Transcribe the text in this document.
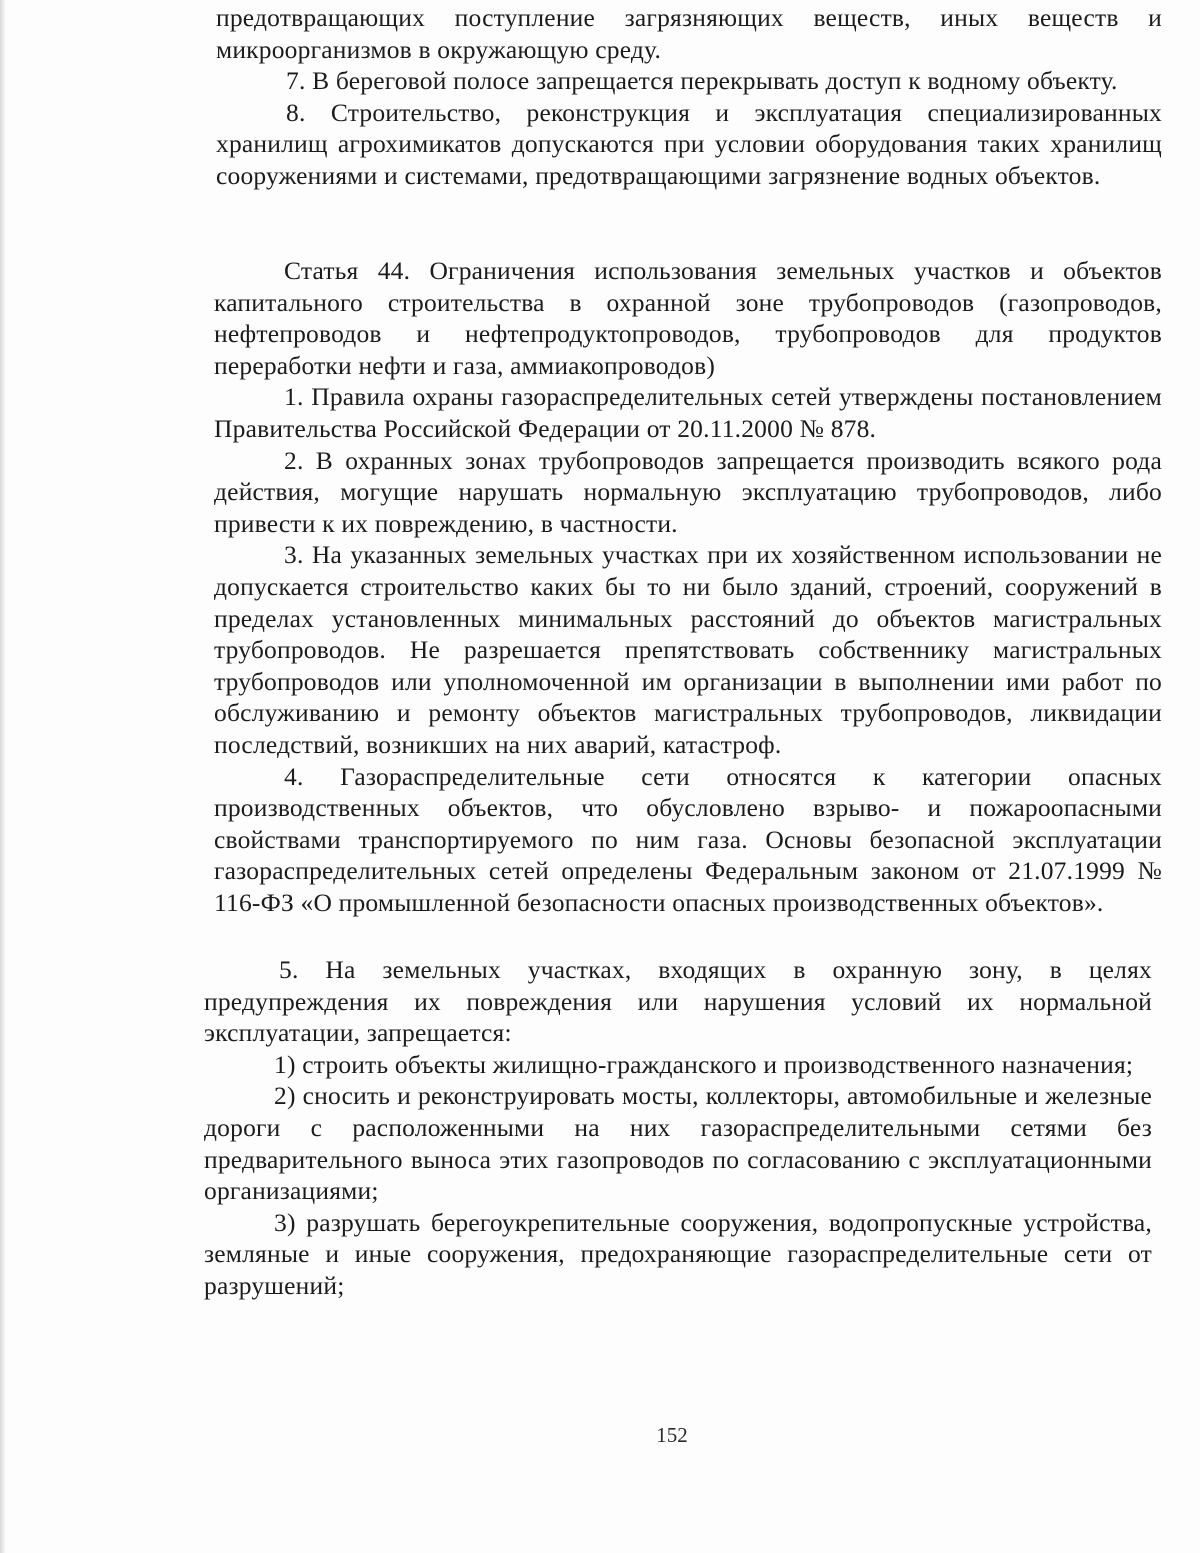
предотвращающих поступление загрязняющих веществ, иных веществ и микроорганизмов в окружающую среду.

7. В береговой полосе запрещается перекрывать доступ к водному объекту.

8. Строительство, реконструкция и эксплуатация специализированных хранилищ агрохимикатов допускаются при условии оборудования таких хранилищ сооружениями и системами, предотвращающими загрязнение водных объектов.

Статья 44. Ограничения использования земельных участков и объектов капитального строительства в охранной зоне трубопроводов (газопроводов, нефтепроводов и нефтепродуктопроводов, трубопроводов для продуктов переработки нефти и газа, аммиакопроводов)

1. Правила охраны газораспределительных сетей утверждены постановлением Правительства Российской Федерации от 20.11.2000 № 878.

2. В охранных зонах трубопроводов запрещается производить всякого рода действия, могущие нарушать нормальную эксплуатацию трубопроводов, либо привести к их повреждению, в частности.

3. На указанных земельных участках при их хозяйственном использовании не допускается строительство каких бы то ни было зданий, строений, сооружений в пределах установленных минимальных расстояний до объектов магистральных трубопроводов. Не разрешается препятствовать собственнику магистральных трубопроводов или уполномоченной им организации в выполнении ими работ по обслуживанию и ремонту объектов магистральных трубопроводов, ликвидации последствий, возникших на них аварий, катастроф.

4. Газораспределительные сети относятся к категории опасных производственных объектов, что обусловлено взрыво- и пожароопасными свойствами транспортируемого по ним газа. Основы безопасной эксплуатации газораспределительных сетей определены Федеральным законом от 21.07.1999 № 116-ФЗ «О промышленной безопасности опасных производственных объектов».

5. На земельных участках, входящих в охранную зону, в целях предупреждения их повреждения или нарушения условий их нормальной эксплуатации, запрещается:

1) строить объекты жилищно-гражданского и производственного назначения;

2) сносить и реконструировать мосты, коллекторы, автомобильные и железные дороги с расположенными на них газораспределительными сетями без предварительного выноса этих газопроводов по согласованию с эксплуатационными организациями;

3) разрушать берегоукрепительные сооружения, водопропускные устройства, земляные и иные сооружения, предохраняющие газораспределительные сети от разрушений;

152
